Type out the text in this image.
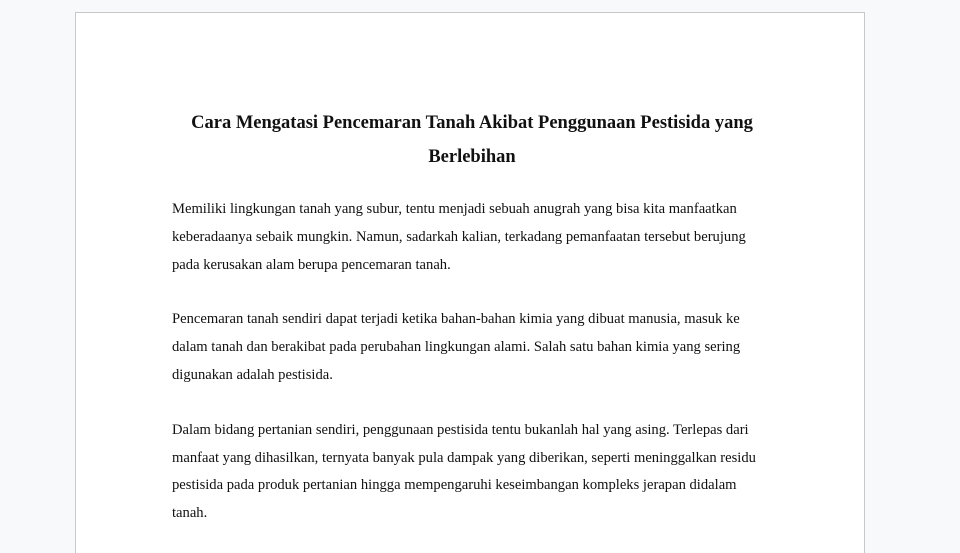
Cara Mengatasi Pencemaran Tanah Akibat Penggunaan Pestisida yang Berlebihan

Memiliki lingkungan tanah yang subur, tentu menjadi sebuah anugrah yang bisa kita manfaatkan keberadaanya sebaik mungkin. Namun, sadarkah kalian, terkadang pemanfaatan tersebut berujung pada kerusakan alam berupa pencemaran tanah.

Pencemaran tanah sendiri dapat terjadi ketika bahan-bahan kimia yang dibuat manusia, masuk ke dalam tanah dan berakibat pada perubahan lingkungan alami. Salah satu bahan kimia yang sering digunakan adalah pestisida.

Dalam bidang pertanian sendiri, penggunaan pestisida tentu bukanlah hal yang asing. Terlepas dari manfaat yang dihasilkan, ternyata banyak pula dampak yang diberikan, seperti meninggalkan residu pestisida pada produk pertanian hingga mempengaruhi keseimbangan kompleks jerapan didalam tanah.
